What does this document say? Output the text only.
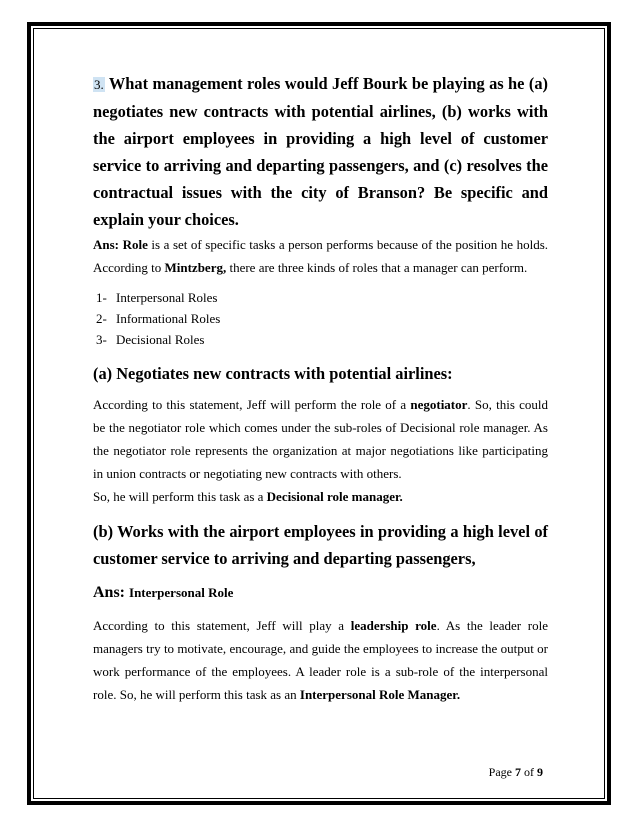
3. What management roles would Jeff Bourk be playing as he (a) negotiates new contracts with potential airlines, (b) works with the airport employees in providing a high level of customer service to arriving and departing passengers, and (c) resolves the contractual issues with the city of Branson? Be specific and explain your choices.

Ans: Role is a set of specific tasks a person performs because of the position he holds. According to Mintzberg, there are three kinds of roles that a manager can perform.

1- Interpersonal Roles
2- Informational Roles
3- Decisional Roles
(a) Negotiates new contracts with potential airlines:

According to this statement, Jeff will perform the role of a negotiator. So, this could be the negotiator role which comes under the sub-roles of Decisional role manager. As the negotiator role represents the organization at major negotiations like participating in union contracts or negotiating new contracts with others.

So, he will perform this task as a Decisional role manager.

(b) Works with the airport employees in providing a high level of customer service to arriving and departing passengers,
Ans: Interpersonal Role

According to this statement, Jeff will play a leadership role. As the leader role managers try to motivate, encourage, and guide the employees to increase the output or work performance of the employees. A leader role is a sub-role of the interpersonal role. So, he will perform this task as an Interpersonal Role Manager.

Page 7 of 9
